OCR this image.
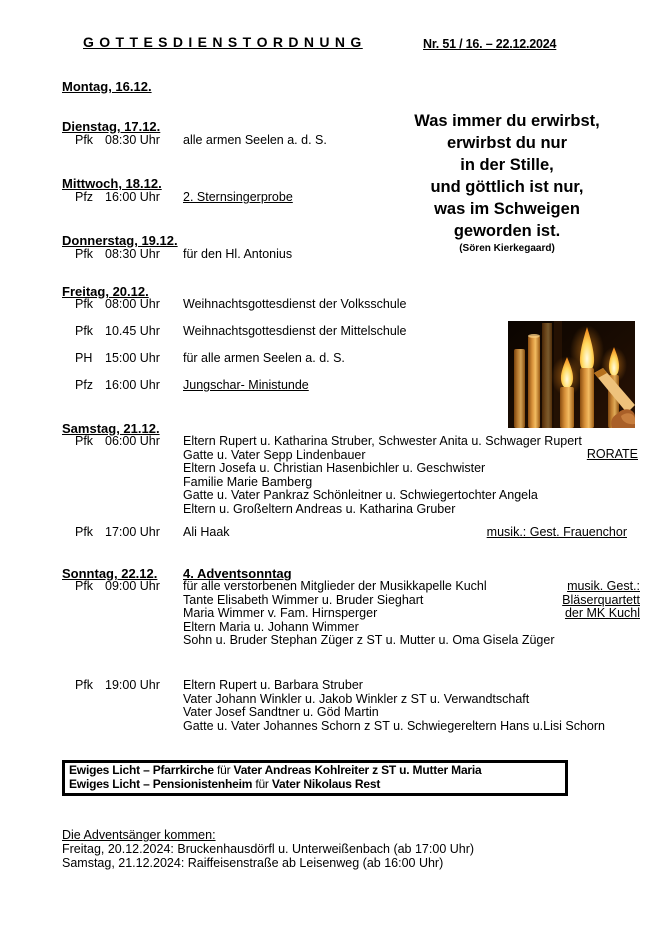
G O T T E S D I E N S T O R D N U N G	Nr. 51 / 16. – 22.12.2024
Was immer du erwirbst,
erwirbst du nur
in der Stille,
und göttlich ist nur,
was im Schweigen
geworden ist.
(Sören Kierkegaard)
Montag, 16.12.
Dienstag, 17.12.
Pfk 08:30 Uhr	alle armen Seelen a. d. S.
Mittwoch, 18.12.
Pfz 16:00 Uhr	2. Sternsingerprobe
Donnerstag, 19.12.
Pfk 08:30 Uhr	für den Hl. Antonius
Freitag, 20.12.
Pfk 08:00 Uhr	Weihnachtsgottesdienst der Volksschule
Pfk 10.45 Uhr	Weihnachtsgottesdienst der Mittelschule
PH	15:00 Uhr	für alle armen Seelen a. d. S.
Pfz 16:00 Uhr	Jungschar- Ministunde
Samstag, 21.12.
Pfk 06:00 Uhr	Eltern Rupert u. Katharina Struber, Schwester Anita u. Schwager Rupert
Gatte u. Vater Sepp Lindenbauer
Eltern Josefa u. Christian Hasenbichler u. Geschwister
Familie Marie Bamberg
Gatte u. Vater Pankraz Schönleitner u. Schwiegertochter Angela
Eltern u. Großeltern Andreas u. Katharina Gruber
RORATE
Pfk 17:00 Uhr	Ali Haak	musik.: Gest. Frauenchor
Sonntag, 22.12. 4. Adventsonntag
Pfk 09:00 Uhr	für alle verstorbenen Mitglieder der Musikkapelle Kuchl
Tante Elisabeth Wimmer u. Bruder Sieghart
Maria Wimmer v. Fam. Hirnsperger
Eltern Maria u. Johann Wimmer
Sohn u. Bruder Stephan Züger z ST u. Mutter u. Oma Gisela Züger
musik. Gest.:
Bläserquartett
der MK Kuchl
Pfk 19:00 Uhr	Eltern Rupert u. Barbara Struber
Vater Johann Winkler u. Jakob Winkler z ST u. Verwandtschaft
Vater Josef Sandtner u. Göd Martin
Gatte u. Vater Johannes Schorn z ST u. Schwiegereltern Hans u.Lisi Schorn
Ewiges Licht – Pfarrkirche für Vater Andreas Kohlreiter z ST u. Mutter Maria
Ewiges Licht – Pensionistenheim für Vater Nikolaus Rest
Die Adventsänger kommen:
Freitag, 20.12.2024: Bruckenhausdörfl u. Unterweißenbach (ab 17:00 Uhr)
Samstag, 21.12.2024: Raiffeisenstraße ab Leisenweg (ab 16:00 Uhr)
